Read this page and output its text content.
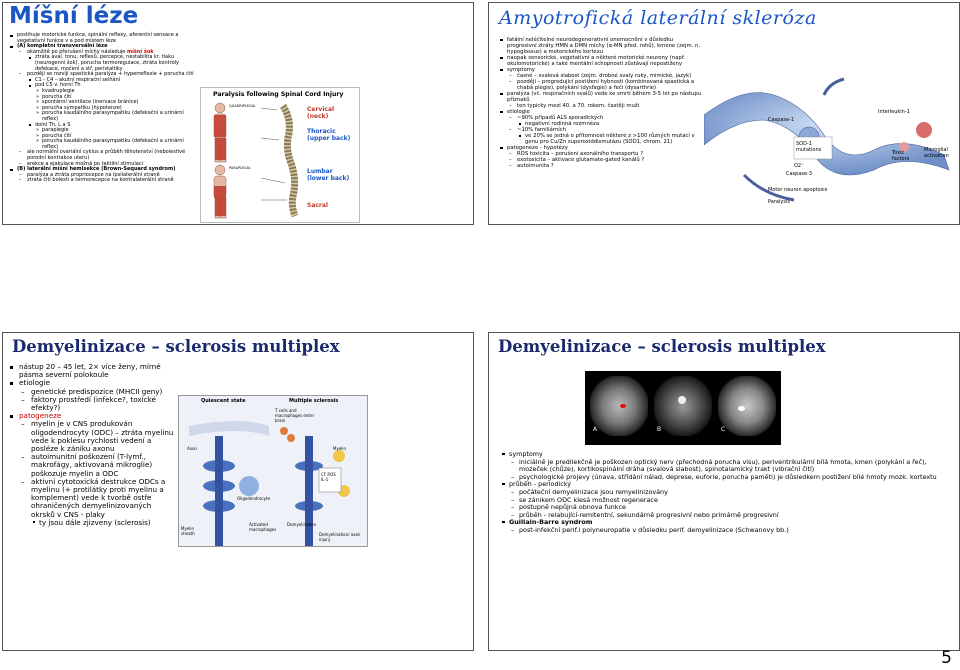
Míšní léze
postihuje motorické funkce, spinální reflexy, aferentní sensace a vegetativní funkce v a pod místem léze
(A) kompletní transversální léze
– okamžitě po přerušení míchy následuje míšní šok
ztráta aval. tonu, reflexů, percepce, nestabilita kr. tlaku (neurogenní šok), porucha termoregulace, ztráta kontroly defekace, močení a stř. peristaltiky
– později se rozvíjí spastická paralýza + hyperreflexie + porucha čití
C1 - C4 – akutní respirační selhání
pod C5 v. horní Th
» kvadruplegie
» porucha čití
» spontánní ventilace (inervace bránice)
» porucha sympatiku (hypotenze)
» porucha kaudálního parasympatiku (defekační a urinární reflex)
dolní Th, L a S
» paraplegie
» porucha čití
» porucha kaudálního parasympatiku (defekační a urinární reflex)
– ale normální ovariální cyklus a průběh těhotenství (nebolestivé porodní kontrakce uteru)
– erekce a ejakulace možná po taktilní stimulaci
(B) laterální míšní hemisekce (Brown-Sequard syndrom)
– paralýza a ztráta propriocepce na ipsilaterální straně
– ztráta čití bolesti a termorecepce na kontralaterální straně
Paralysis following Spinal Cord Injury
QUADRIPLEGIA
PARAPLEGIA
Cervical (neck)
Thoracic (upper back)
Lumbar (lower back)
Sacral
Amyotrofická laterální skleróza
fatální neléčitelné neurodegenerativní onemocnění v důsledku progresivní ztráty HMN a DMN míchy (α-MN před. rohů), kmene (zejm. n. hypoglossus) a motorického kortexu
naopak sensorické, vegetativní a některé motorické neurony (např. okulomotorické) a také mentální schopnosti zůstávají nepostiženy
symptomy
– časné – svalová slabost (zejm. drobné svaly ruky, mimické, jazyk)
– později – progredující postižení hybnosti (kombinovaná spastická a chabá plegie), polykání (dysfagie) a řeči (dysarthrie)
paralýza (vč. respiračních svalů) vede ke smrti během 3-5 let po nástupu příznaků
– ten typicky mezi 40. a 70. rokem, častěji muži
etiologie
– ~90% případů ALS sporadických
negativní rodinná rozmnéza
– ~10% familiárních
ve 20% se jedná o přítomnost některé z >100 různých mutací v genu pro Cu/Zn superoxiddismutázu (SOD1, chrom. 21)
patogeneze - hypotézy
– ROS toxicita – porušení axonálního transportu ?
– exotoxicita – aktivace glutamate-gated kanálů ?
– autoimunita ?
Interleukin-1
Caspase-1
SOD-1 mutations
Caspase-3
Toxic factors
Microglial activation
O2⁻
Motor neuron apoptosis
Paralysis
Demyelinizace – sclerosis multiplex
nástup 20 – 45 let, 2× více ženy, mírné pásma severní polokoule
etiologie
– genetické predispozice (MHCII geny)
– faktory prostředí (infekce?, toxické efekty?)
patogeneze
– myelin je v CNS produkován oligodendrocyty (ODC) – ztráta myelinu vede k poklesu rychlosti vedení a posléze k zániku axonu
– autoimunitní poškození (T-lymf., makrofágy, aktivovaná mikroglie) poškozuje myelin a ODC
– aktivní cytotoxická destrukce ODCs a myelinu (+ protilátky proti myelinu a komplement) vede k tvorbě ostře ohraničených demyelinizovaných okrsků v CNS - plaky
ty jsou dále zjizveny (sclerosis)
Quiescent state	Multiple sclerosis
T cells and macrophages enter brain
Axon
Myelin sheath
Oligodendrocyte
Activated macrophages
Demyelination
Myelin
CF ROS IL-1
Demyelination/ axon injury
Demyelinizace – sclerosis multiplex
A	B	C
symptomy
– iniciálně je predilekčně je poškozen optický nerv (přechodná porucha visu), periventrikulární bílá hmota, kmen (polykání a řeč), mozeček (chůze), kortikospinální dráha (svalová slabost), spinotalamický trakt (vibrační čití)
– psychologické projevy (únava, střídání nálad, deprese, euforie, porucha paměti) je důsledkem postižení bílé hmoty mozk. kortextu
průběh - periodický
– počáteční demyelinizace jsou remyelinizovány
– se zánikem ODC klesá možnost regenerace
– postupně nepůjná obnova funkce
– průběh - relabující-remitentní, sekundárně progresivní nebo primárně progresivní
Guillain-Barre syndrom
– post-infekční perif.l polyneuropatie v důsledku perif. demyelinizace (Schwanovy bb.)
5
